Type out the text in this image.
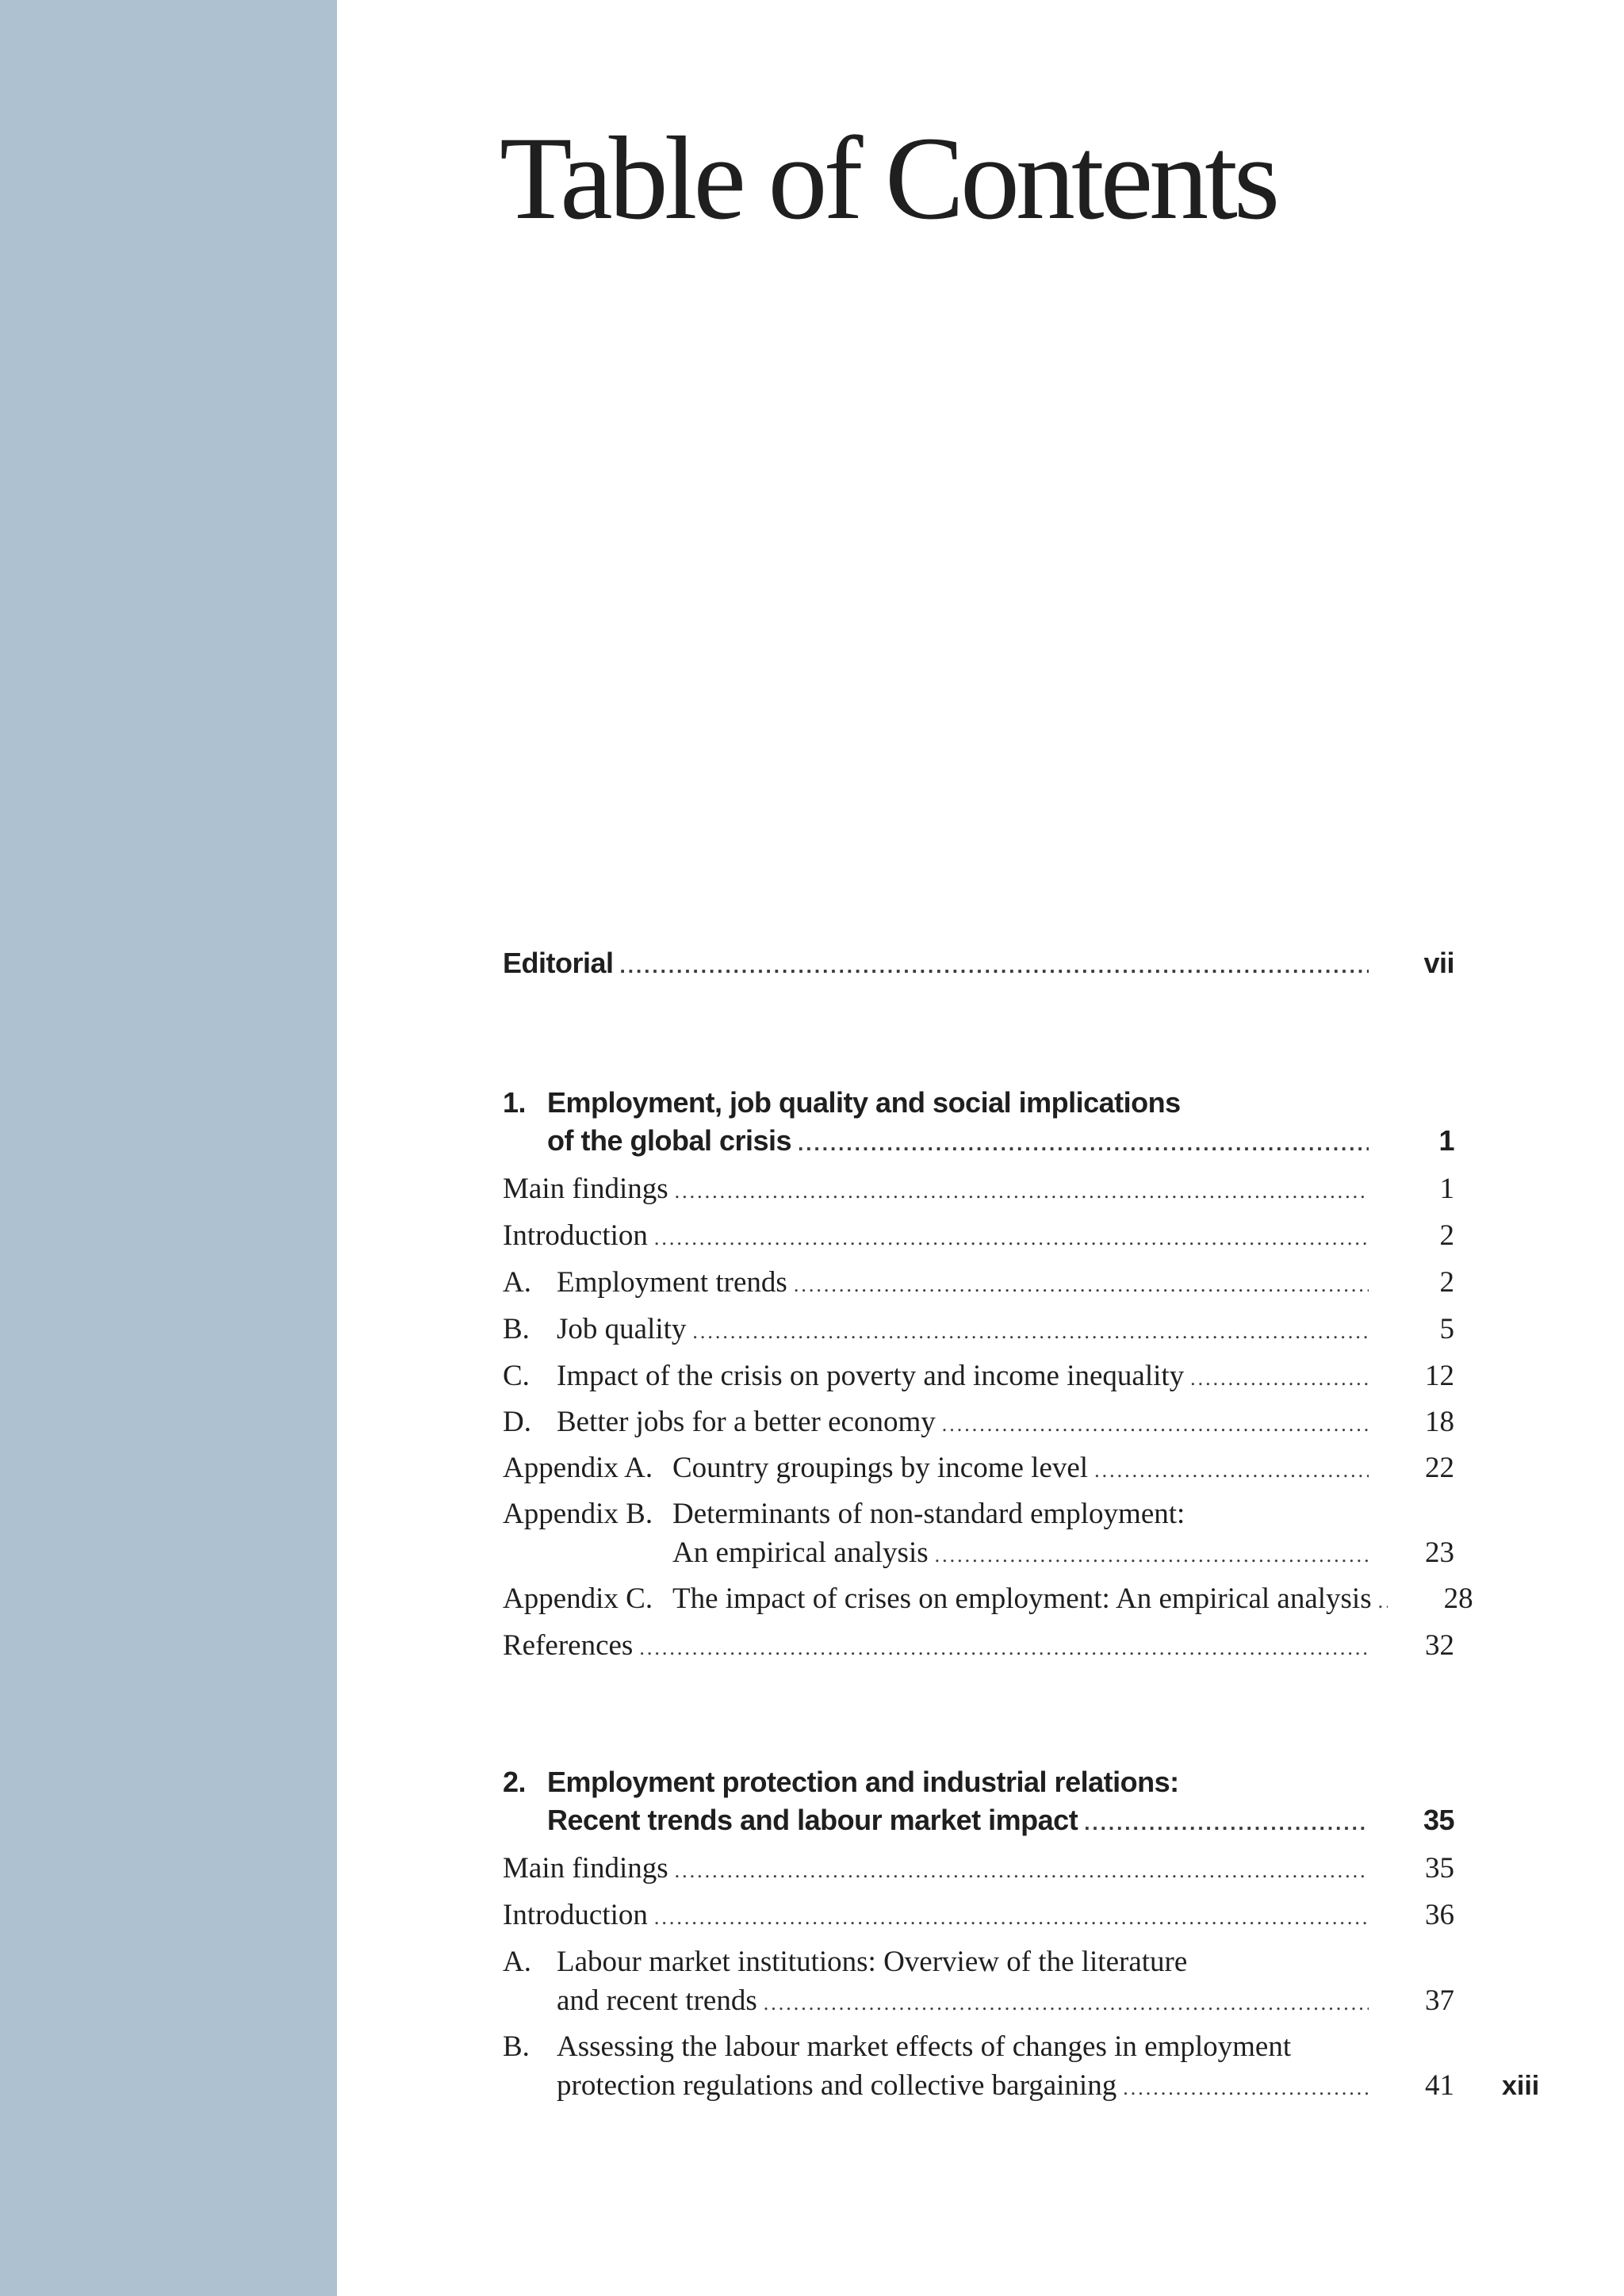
Table of Contents
Editorial .....	vii
1. Employment, job quality and social implications
of the global crisis .....	1
Main findings .....	1
Introduction .....	2
A. Employment trends .....	2
B. Job quality .....	5
C. Impact of the crisis on poverty and income inequality .....	12
D. Better jobs for a better economy .....	18
Appendix A. Country groupings by income level .....	22
Appendix B. Determinants of non-standard employment:
An empirical analysis .....	23
Appendix C. The impact of crises on employment: An empirical analysis .....	28
References .....	32
2. Employment protection and industrial relations:
Recent trends and labour market impact .....	35
Main findings .....	35
Introduction .....	36
A. Labour market institutions: Overview of the literature
and recent trends .....	37
B. Assessing the labour market effects of changes in employment
protection regulations and collective bargaining .....	41 xiii
